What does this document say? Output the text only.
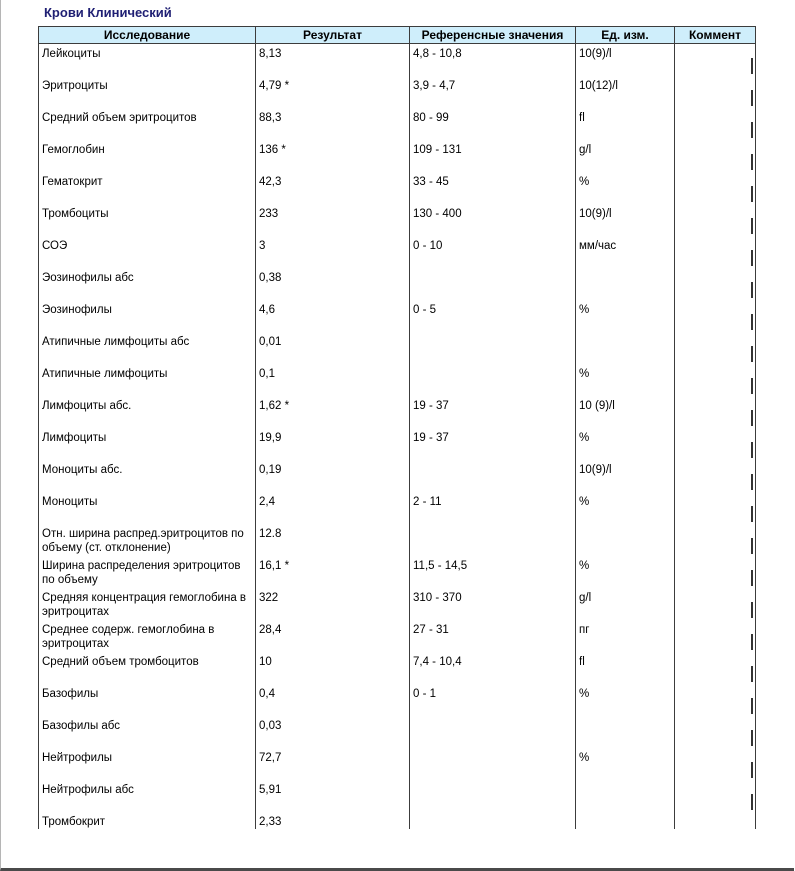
Крови Клинический
Исследование	Результат	Референсные значения	Ед. изм.	Коммент
Лейкоциты	8,13	4,8 - 10,8	10(9)/l	
Эритроциты	4,79 *	3,9 - 4,7	10(12)/l	
Средний объем эритроцитов	88,3	80 - 99	fl	
Гемоглобин	136 *	109 - 131	g/l	
Гематокрит	42,3	33 - 45	%	
Тромбоциты	233	130 - 400	10(9)/l	
СОЭ	3	0 - 10	мм/час	
Эозинофилы абс	0,38			
Эозинофилы	4,6	0 - 5	%	
Атипичные лимфоциты абс	0,01			
Атипичные лимфоциты	0,1		%	
Лимфоциты абс.	1,62 *	19 - 37	10 (9)/l	
Лимфоциты	19,9	19 - 37	%	
Моноциты абс.	0,19		10(9)/l	
Моноциты	2,4	2 - 11	%	
Отн. ширина распред.эритроцитов по объему (ст. отклонение)	12.8			
Ширина распределения эритроцитов по объему	16,1 *	11,5 - 14,5	%	
Средняя концентрация гемоглобина в эритроцитах	322	310 - 370	g/l	
Среднее содерж. гемоглобина в эритроцитах	28,4	27 - 31	пг	
Средний объем тромбоцитов	10	7,4 - 10,4	fl	
Базофилы	0,4	0 - 1	%	
Базофилы абс	0,03			
Нейтрофилы	72,7		%	
Нейтрофилы абс	5,91			
Тромбокрит	2,33			
